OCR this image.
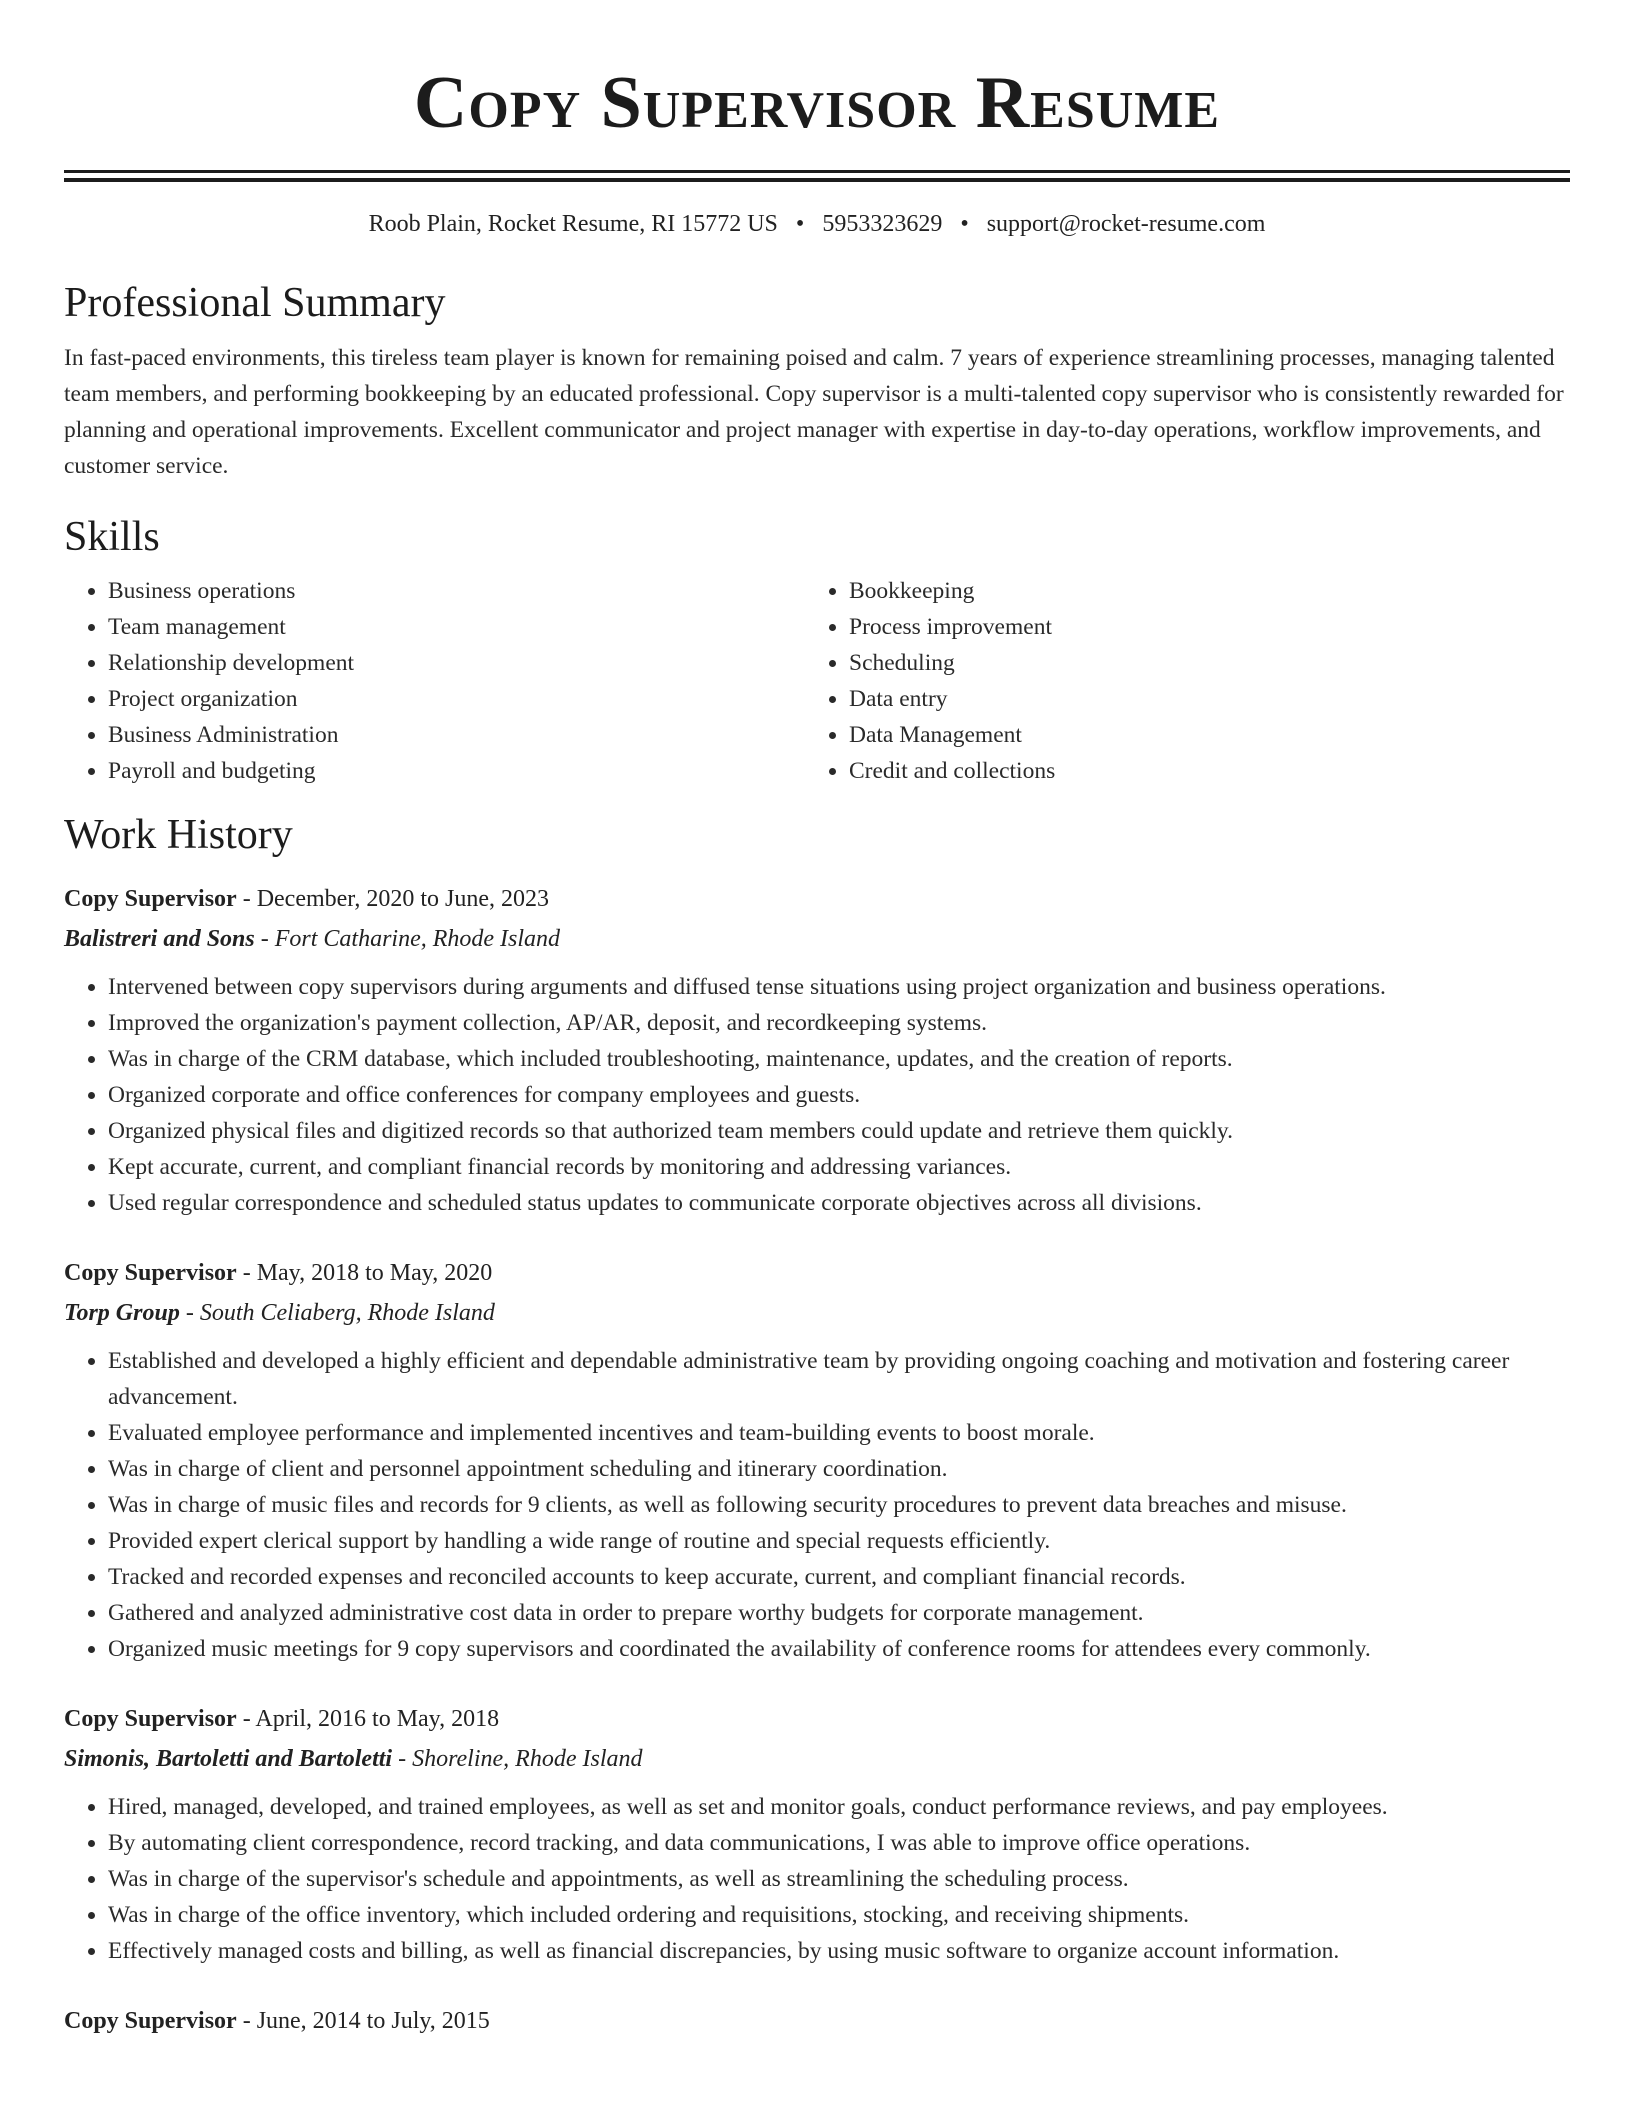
Copy Supervisor Resume
Roob Plain, Rocket Resume, RI 15772 US • 5953323629 • support@rocket-resume.com
Professional Summary

In fast-paced environments, this tireless team player is known for remaining poised and calm. 7 years of experience streamlining processes, managing talented team members, and performing bookkeeping by an educated professional. Copy supervisor is a multi-talented copy supervisor who is consistently rewarded for planning and operational improvements. Excellent communicator and project manager with expertise in day-to-day operations, workflow improvements, and customer service.

Skills
• Business operations
• Team management
• Relationship development
• Project organization
• Business Administration
• Payroll and budgeting
• Bookkeeping
• Process improvement
• Scheduling
• Data entry
• Data Management
• Credit and collections
Work History
Copy Supervisor - December, 2020 to June, 2023
Balistreri and Sons - Fort Catharine, Rhode Island
• Intervened between copy supervisors during arguments and diffused tense situations using project organization and business operations.
• Improved the organization's payment collection, AP/AR, deposit, and recordkeeping systems.
• Was in charge of the CRM database, which included troubleshooting, maintenance, updates, and the creation of reports.
• Organized corporate and office conferences for company employees and guests.
• Organized physical files and digitized records so that authorized team members could update and retrieve them quickly.
• Kept accurate, current, and compliant financial records by monitoring and addressing variances.
• Used regular correspondence and scheduled status updates to communicate corporate objectives across all divisions.
Copy Supervisor - May, 2018 to May, 2020
Torp Group - South Celiaberg, Rhode Island
• Established and developed a highly efficient and dependable administrative team by providing ongoing coaching and motivation and fostering career advancement.
• Evaluated employee performance and implemented incentives and team-building events to boost morale.
• Was in charge of client and personnel appointment scheduling and itinerary coordination.
• Was in charge of music files and records for 9 clients, as well as following security procedures to prevent data breaches and misuse.
• Provided expert clerical support by handling a wide range of routine and special requests efficiently.
• Tracked and recorded expenses and reconciled accounts to keep accurate, current, and compliant financial records.
• Gathered and analyzed administrative cost data in order to prepare worthy budgets for corporate management.
• Organized music meetings for 9 copy supervisors and coordinated the availability of conference rooms for attendees every commonly.
Copy Supervisor - April, 2016 to May, 2018
Simonis, Bartoletti and Bartoletti - Shoreline, Rhode Island
• Hired, managed, developed, and trained employees, as well as set and monitor goals, conduct performance reviews, and pay employees.
• By automating client correspondence, record tracking, and data communications, I was able to improve office operations.
• Was in charge of the supervisor's schedule and appointments, as well as streamlining the scheduling process.
• Was in charge of the office inventory, which included ordering and requisitions, stocking, and receiving shipments.
• Effectively managed costs and billing, as well as financial discrepancies, by using music software to organize account information.
Copy Supervisor - June, 2014 to July, 2015
